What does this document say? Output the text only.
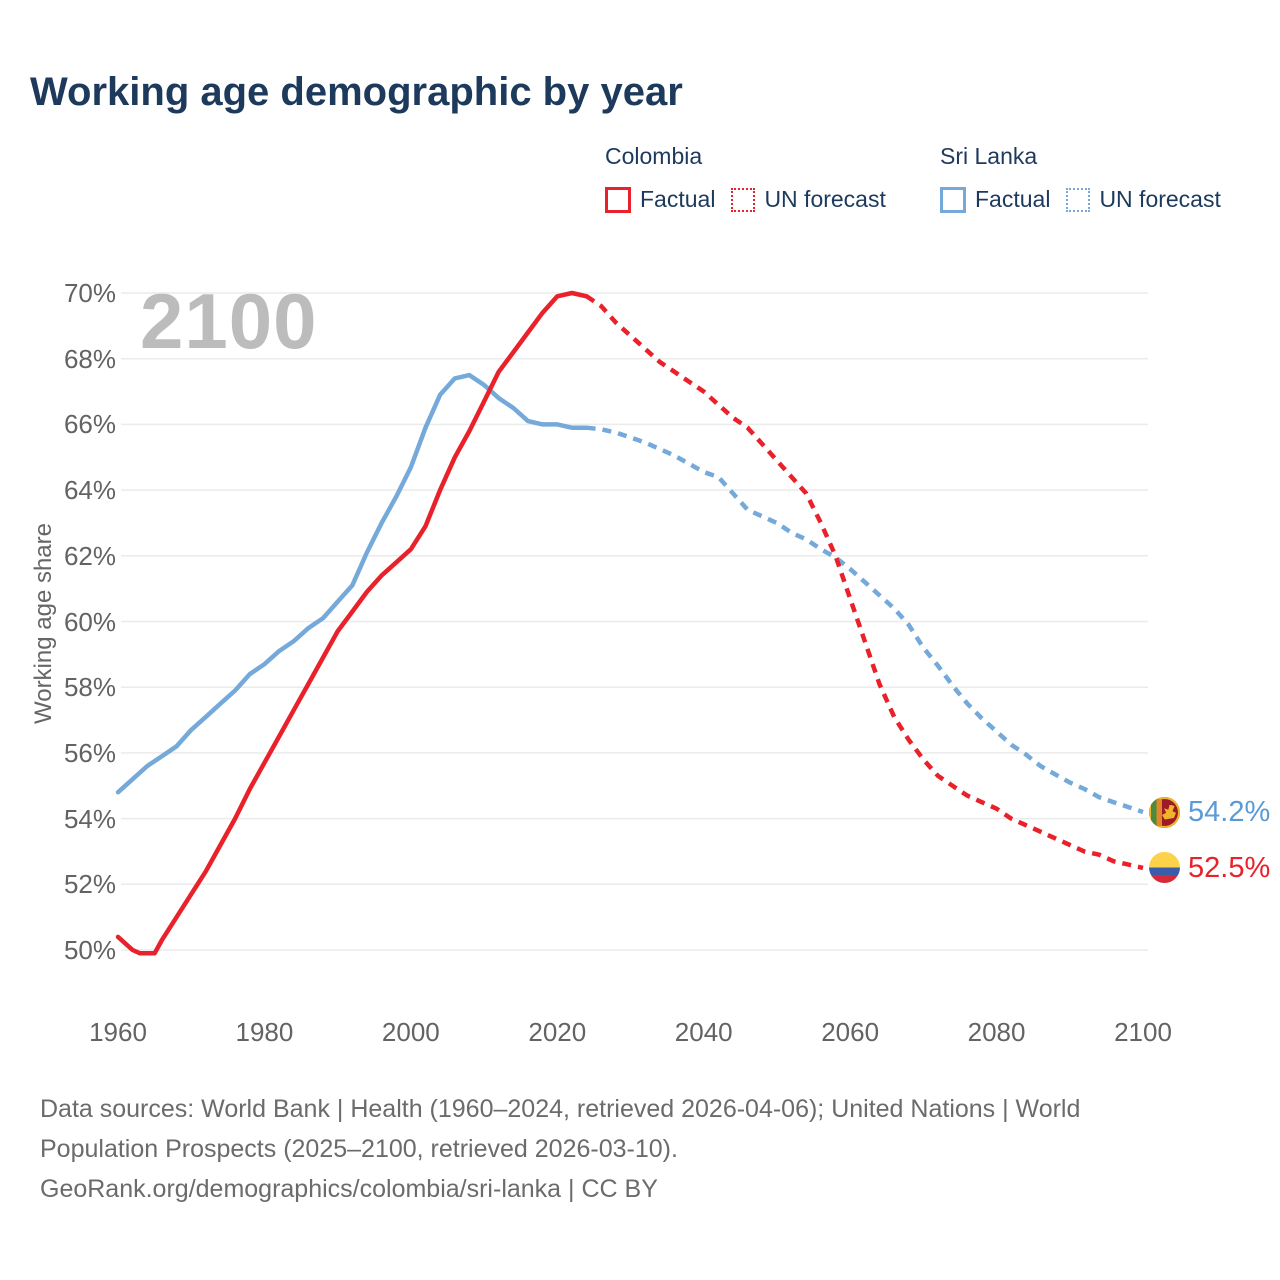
Working age demographic by year
Colombia
Factual UN forecast
Sri Lanka
Factual UN forecast
2100
Working age share
50%
52%
54%
56%
58%
60%
62%
64%
66%
68%
70%
1960	1980	2000	2020	2040	2060	2080	2100
54.2%
52.5%
Data sources: World Bank | Health (1960–2024, retrieved 2026-04-06); United Nations | World
Population Prospects (2025–2100, retrieved 2026-03-10).
GeoRank.org/demographics/colombia/sri-lanka | CC BY
